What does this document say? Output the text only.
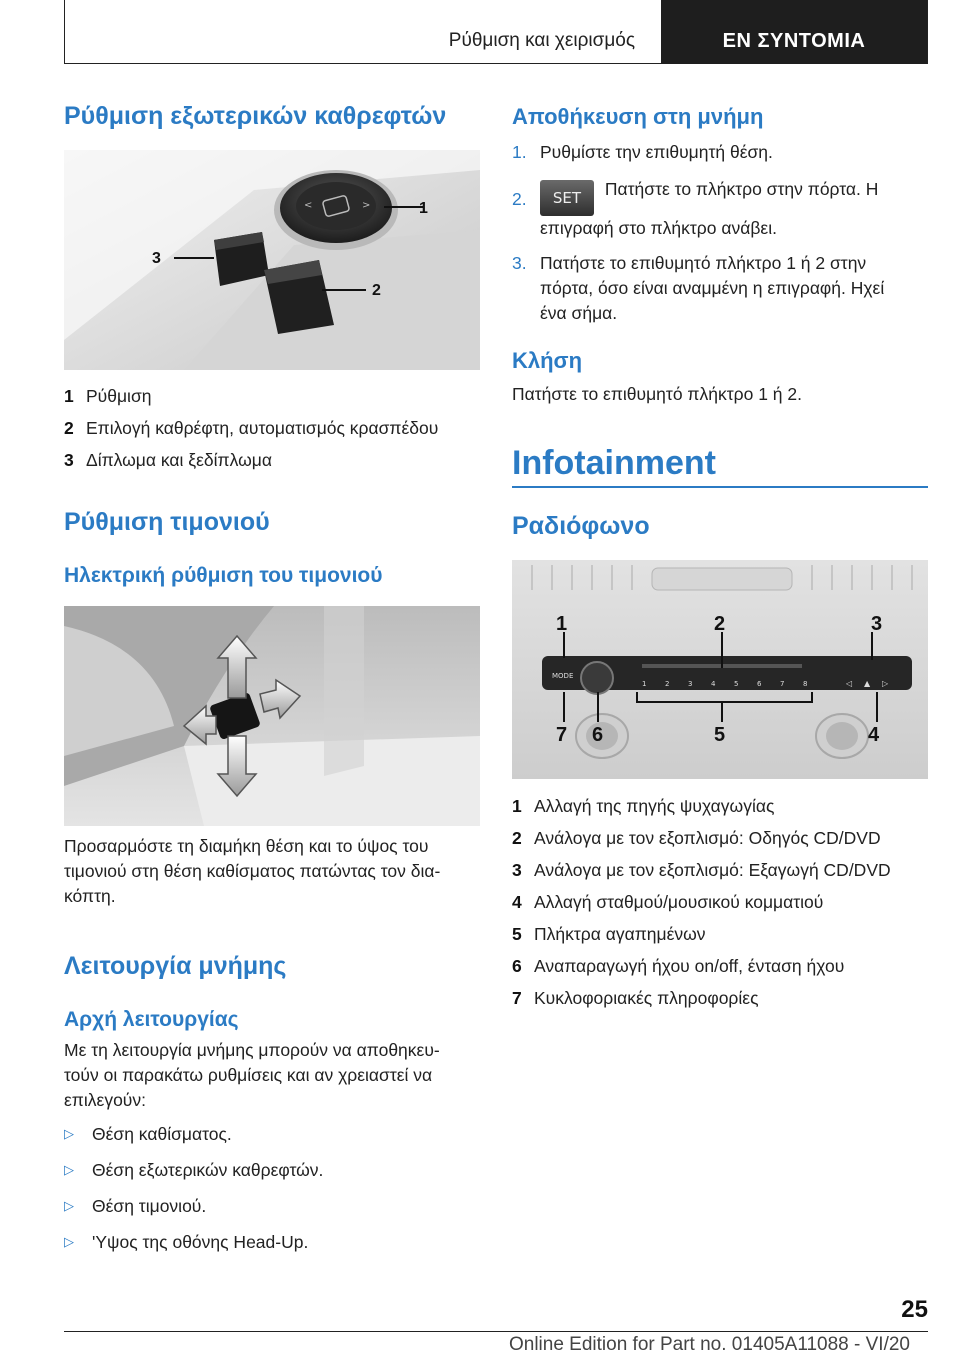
Ρύθμιση και χειρισμός	EN ΣΥΝΤΟΜΙΑ
Ρύθμιση εξωτερικών καθρεφτών
<	>	1
2
3
1 Ρύθμιση
2 Επιλογή καθρέφτη, αυτοματισμός κρασπέδου
3 Δίπλωμα και ξεδίπλωμα
Ρύθμιση τιμονιού
Ηλεκτρική ρύθμιση του τιμονιού

Προσαρμόστε τη διαμήκη θέση και το ύψος του
τιμονιού στη θέση καθίσματος πατώντας τον δια-
κόπτη.

Λειτουργία μνήμης
Αρχή λειτουργίας

Με τη λειτουργία μνήμης μπορούν να αποθηκευ-
τούν οι παρακάτω ρυθμίσεις και αν χρειαστεί να
επιλεγούν:

▷	Θέση καθίσματος.
▷	Θέση εξωτερικών καθρεφτών.
▷	Θέση τιμονιού.
▷	'Υψος της οθόνης Head-Up.
Αποθήκευση στη μνήμη
1. Ρυθμίστε την επιθυμητή θέση.
2.	SET Πατήστε το πλήκτρο στην πόρτα. Η
επιγραφή στο πλήκτρο ανάβει.
3. Πατήστε το επιθυμητό πλήκτρο 1 ή 2 στην
πόρτα, όσο είναι αναμμένη η επιγραφή. Ηχεί
ένα σήμα.
Κλήση

Πατήστε το επιθυμητό πλήκτρο 1 ή 2.

Infotainment
Ραδιόφωνο
MODE
1	2	3	4	5	6	7	8	◁ ▲ ▷
1	2	3
7 6	5	4
1 Αλλαγή της πηγής ψυχαγωγίας
2 Ανάλογα με τον εξοπλισμό: Οδηγός CD/DVD
3 Ανάλογα με τον εξοπλισμό: Εξαγωγή CD/DVD
4 Αλλαγή σταθμού/μουσικού κομματιού
5 Πλήκτρα αγαπημένων
6 Αναπαραγωγή ήχου on/off, ένταση ήχου
7 Κυκλοφοριακές πληροφορίες
25
Online Edition for Part no. 01405A11088 - VI/20
